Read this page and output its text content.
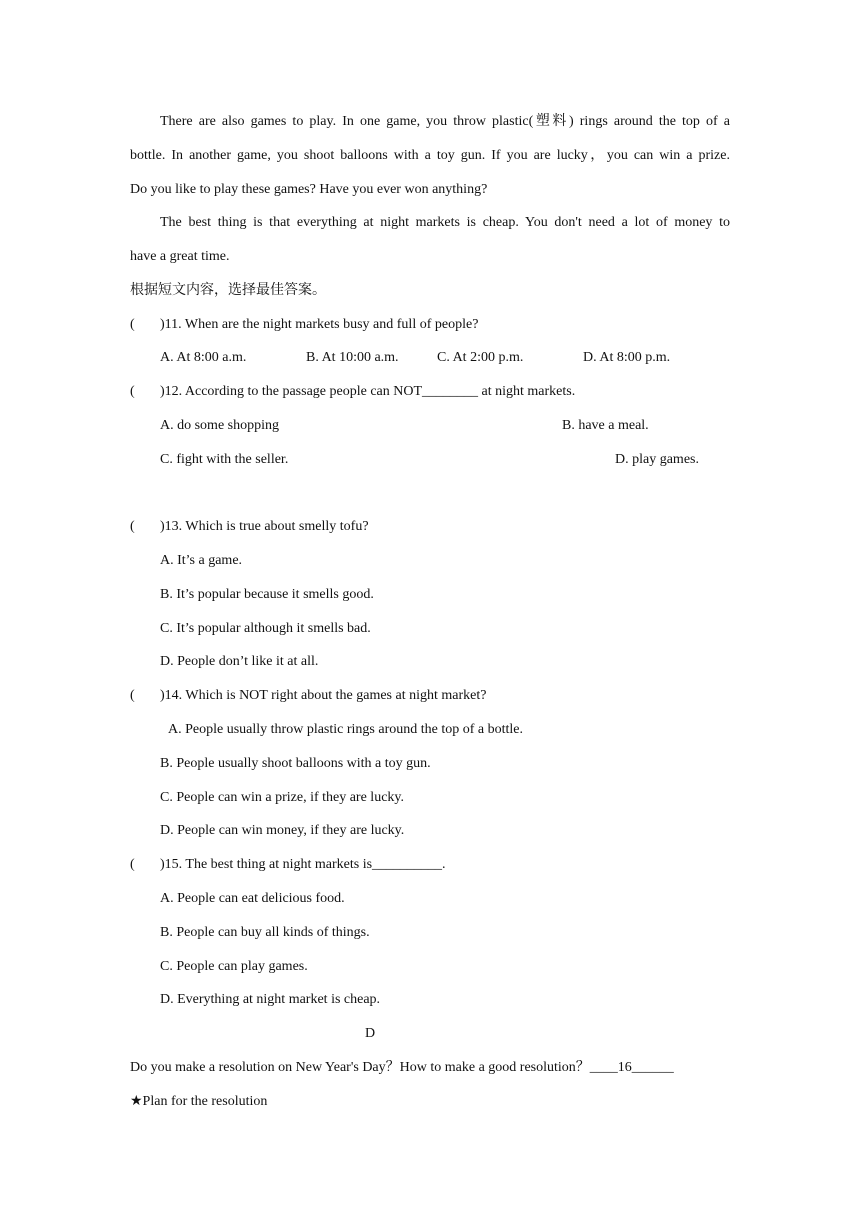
There are also games to play. In one game, you throw plastic(塑料) rings around the top of a
bottle. In another game, you shoot balloons with a toy gun. If you are lucky，you can win a prize.
Do you like to play these games? Have you ever won anything?
The best thing is that everything at night markets is cheap. You don't need a lot of money to
have a great time.
根据短文内容，选择最佳答案。
( )11. When are the night markets busy and full of people?
A. At 8:00 a.m.	B. At 10:00 a.m.	C. At 2:00 p.m.	D. At 8:00 p.m.
( )12. According to the passage people can NOT________ at night markets.
A. do some shopping	B. have a meal.
C. fight with the seller.	D. play games.
( )13. Which is true about smelly tofu?
A. It’s a game.
B. It’s popular because it smells good.
C. It’s popular although it smells bad.
D. People don’t like it at all.
( )14. Which is NOT right about the games at night market?
A. People usually throw plastic rings around the top of a bottle.
B. People usually shoot balloons with a toy gun.
C. People can win a prize, if they are lucky.
D. People can win money, if they are lucky.
( )15. The best thing at night markets is__________.
A. People can eat delicious food.
B. People can buy all kinds of things.
C. People can play games.
D. Everything at night market is cheap.
D
Do you make a resolution on New Year's Day？How to make a good resolution？____16______
★Plan for the resolution
